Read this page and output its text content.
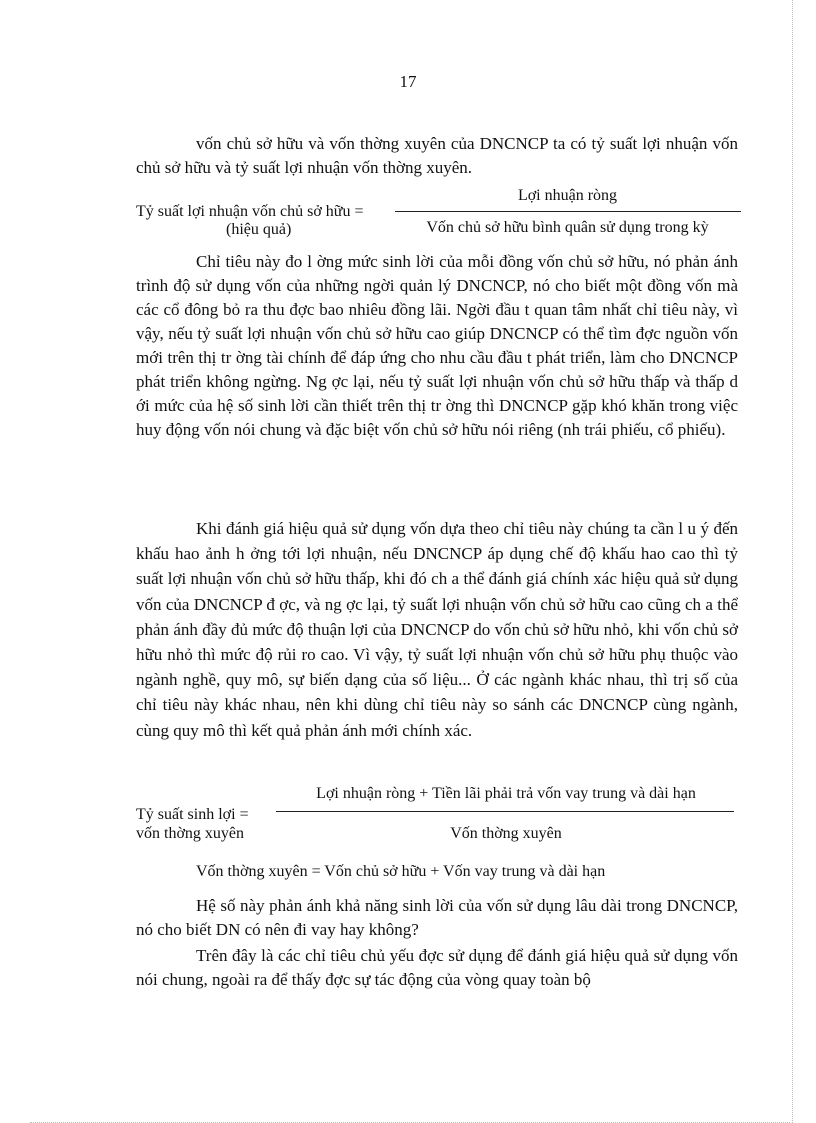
17

vốn chủ sở hữu và vốn thờng xuyên của DNCNCP ta có tỷ suất lợi nhuận vốn chủ sở hữu và tỷ suất lợi nhuận vốn thờng xuyên.

Lợi nhuận ròng
Tỷ suất lợi nhuận vốn chủ sở hữu =
(hiệu quả)	Vốn chủ sở hữu bình quân sử dụng trong kỳ

Chỉ tiêu này đo l ờng mức sinh lời của mỗi đồng vốn chủ sở hữu, nó phản ánh trình độ sử dụng vốn của những ngời quản lý DNCNCP, nó cho biết một đồng vốn mà các cổ đông bỏ ra thu đợc bao nhiêu đồng lãi. Ngời đầu t quan tâm nhất chỉ tiêu này, vì vậy, nếu tỷ suất lợi nhuận vốn chủ sở hữu cao giúp DNCNCP có thể tìm đợc nguồn vốn mới trên thị tr ờng tài chính để đáp ứng cho nhu cầu đầu t phát triển, làm cho DNCNCP phát triển không ngừng. Ng ợc lại, nếu tỷ suất lợi nhuận vốn chủ sở hữu thấp và thấp d ới mức của hệ số sinh lời cần thiết trên thị tr ờng thì DNCNCP gặp khó khăn trong việc huy động vốn nói chung và đặc biệt vốn chủ sở hữu nói riêng (nh trái phiếu, cổ phiếu).

Khi đánh giá hiệu quả sử dụng vốn dựa theo chỉ tiêu này chúng ta cần l u ý đến khấu hao ảnh h ởng tới lợi nhuận, nếu DNCNCP áp dụng chế độ khấu hao cao thì tỷ suất lợi nhuận vốn chủ sở hữu thấp, khi đó ch a thể đánh giá chính xác hiệu quả sử dụng vốn của DNCNCP đ ợc, và ng ợc lại, tỷ suất lợi nhuận vốn chủ sở hữu cao cũng ch a thể phản ánh đầy đủ mức độ thuận lợi của DNCNCP do vốn chủ sở hữu nhỏ, khi vốn chủ sở hữu nhỏ thì mức độ rủi ro cao. Vì vậy, tỷ suất lợi nhuận vốn chủ sở hữu phụ thuộc vào ngành nghề, quy mô, sự biến dạng của số liệu... Ở các ngành khác nhau, thì trị số của chỉ tiêu này khác nhau, nên khi dùng chỉ tiêu này so sánh các DNCNCP cùng ngành, cùng quy mô thì kết quả phản ánh mới chính xác.

Lợi nhuận ròng + Tiền lãi phải trả vốn vay trung và dài hạn
Tỷ suất sinh lợi =
vốn thờng xuyên	Vốn thờng xuyên
Vốn thờng xuyên = Vốn chủ sở hữu + Vốn vay trung và dài hạn

Hệ số này phản ánh khả năng sinh lời của vốn sử dụng lâu dài trong DNCNCP, nó cho biết DN có nên đi vay hay không?

Trên đây là các chỉ tiêu chủ yếu đợc sử dụng để đánh giá hiệu quả sử dụng vốn nói chung, ngoài ra để thấy đợc sự tác động của vòng quay toàn bộ
